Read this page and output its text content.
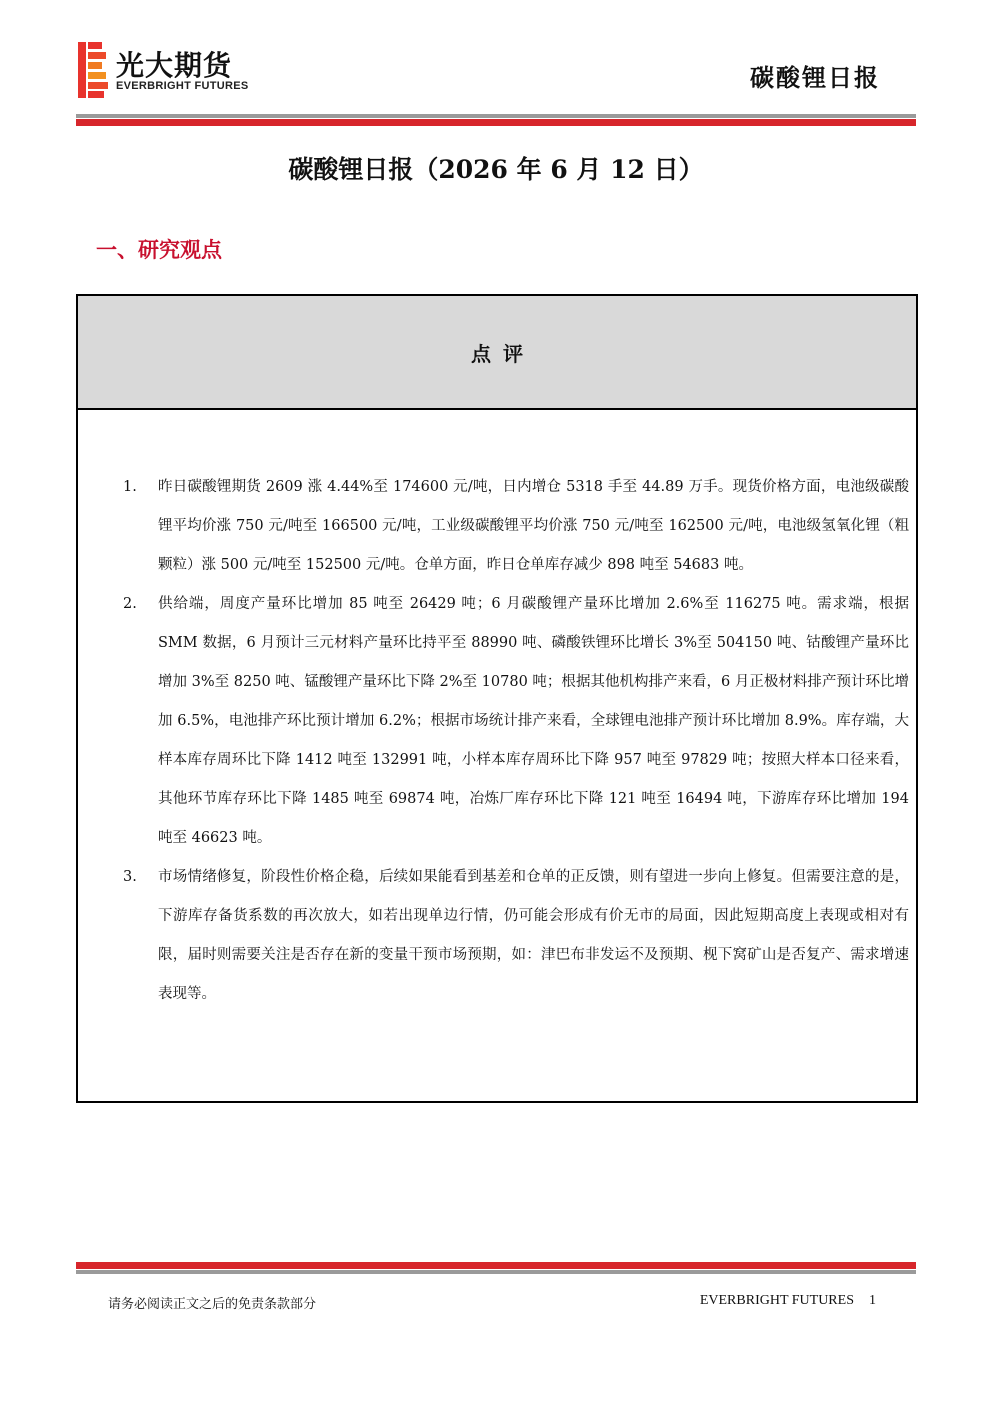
光大期货
EVERBRIGHT FUTURES	碳酸锂日报
碳酸锂日报（2026 年 6 月 12 日）
一、研究观点
点评
1. 昨日碳酸锂期货 2609 涨 4.44%至 174600 元/吨，日内增仓 5318 手至 44.89 万手。现货价格方面，电池级碳酸锂平均价涨 750 元/吨至 166500 元/吨，工业级碳酸锂平均价涨 750 元/吨至 162500 元/吨，电池级氢氧化锂（粗颗粒）涨 500 元/吨至 152500 元/吨。仓单方面，昨日仓单库存减少 898 吨至 54683 吨。
2. 供给端，周度产量环比增加 85 吨至 26429 吨；6 月碳酸锂产量环比增加 2.6%至 116275 吨。需求端，根据 SMM 数据，6 月预计三元材料产量环比持平至 88990 吨、磷酸铁锂环比增长 3%至 504150 吨、钴酸锂产量环比增加 3%至 8250 吨、锰酸锂产量环比下降 2%至 10780 吨；根据其他机构排产来看，6 月正极材料排产预计环比增加 6.5%，电池排产环比预计增加 6.2%；根据市场统计排产来看，全球锂电池排产预计环比增加 8.9%。库存端，大样本库存周环比下降 1412 吨至 132991 吨，小样本库存周环比下降 957 吨至 97829 吨；按照大样本口径来看，其他环节库存环比下降 1485 吨至 69874 吨，冶炼厂库存环比下降 121 吨至 16494 吨，下游库存环比增加 194 吨至 46623 吨。
3. 市场情绪修复，阶段性价格企稳，后续如果能看到基差和仓单的正反馈，则有望进一步向上修复。但需要注意的是，下游库存备货系数的再次放大，如若出现单边行情，仍可能会形成有价无市的局面，因此短期高度上表现或相对有限，届时则需要关注是否存在新的变量干预市场预期，如：津巴布非发运不及预期、枧下窝矿山是否复产、需求增速表现等。
请务必阅读正文之后的免责条款部分	EVERBRIGHT FUTURES 1
